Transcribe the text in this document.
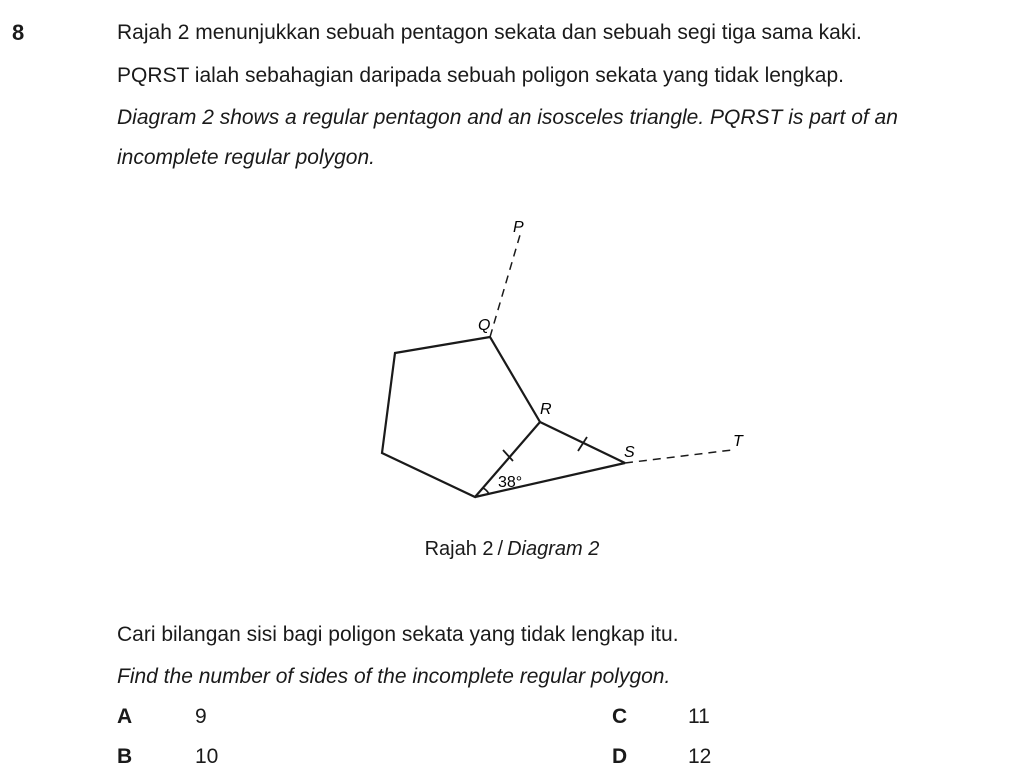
8	Rajah 2 menunjukkan sebuah pentagon sekata dan sebuah segi tiga sama kaki.
PQRST ialah sebahagian daripada sebuah poligon sekata yang tidak lengkap.
Diagram 2 shows a regular pentagon and an isosceles triangle. PQRST is part of an
incomplete regular polygon.
P
Q
R
S
T
38°
Rajah 2 / Diagram 2
Cari bilangan sisi bagi poligon sekata yang tidak lengkap itu.
Find the number of sides of the incomplete regular polygon.
A	9
B	10
C	11
D	12
